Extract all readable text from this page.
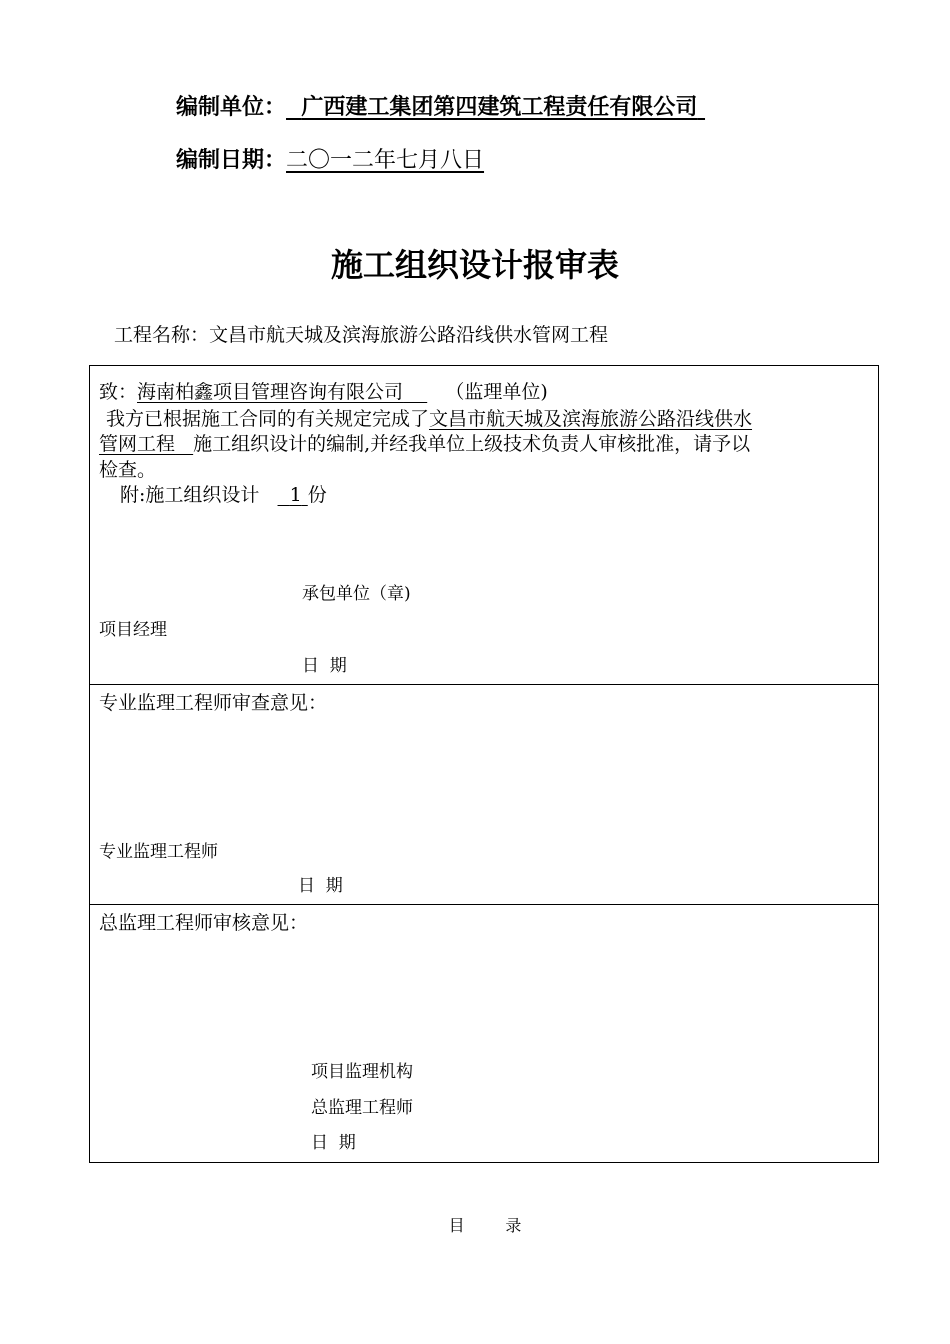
编制单位： 广西建工集团第四建筑工程责任有限公司
编制日期：二〇一二年七月八日
施工组织设计报审表
工程名称：文昌市航天城及滨海旅游公路沿线供水管网工程
致：海南柏鑫项目管理咨询有限公司 （监理单位)
我方已根据施工合同的有关规定完成了文昌市航天城及滨海旅游公路沿线供水
管网工程 施工组织设计的编制,并经我单位上级技术负责人审核批准，请予以
检查。
附:施工组织设计 1 份
承包单位（章)
项目经理
日  期
专业监理工程师审查意见：
专业监理工程师
日  期
总监理工程师审核意见：
项目监理机构
总监理工程师
日  期
目        录
